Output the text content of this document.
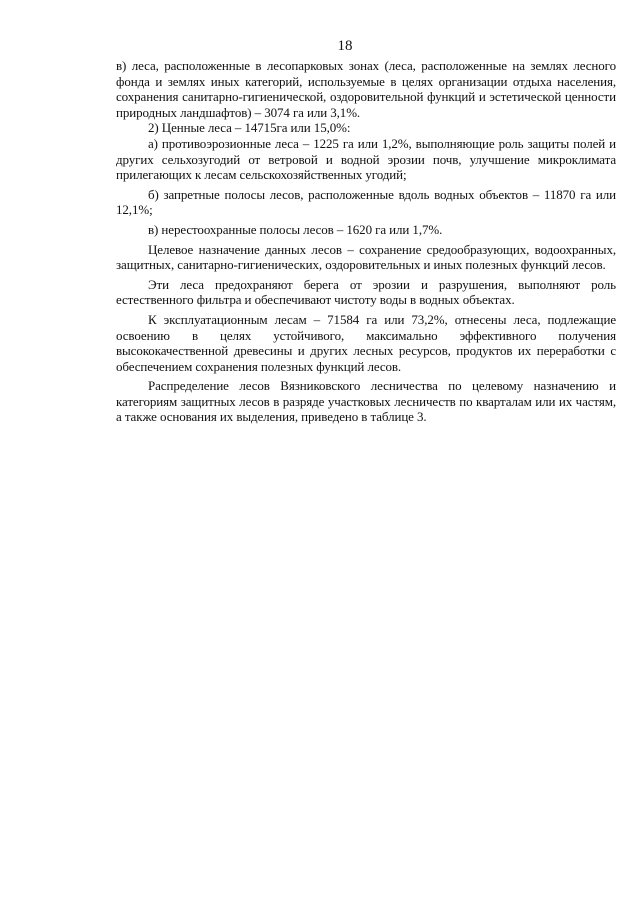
18

в) леса, расположенные в лесопарковых зонах (леса, расположенные на землях лесного фонда и землях иных категорий, используемые в целях организации отдыха населения, сохранения санитарно-гигиенической, оздоровительной функций и эстетической ценности природных ландшафтов) – 3074 га или 3,1%.

2) Ценные леса – 14715га или 15,0%:

а) противоэрозионные леса – 1225 га или 1,2%, выполняющие роль защиты полей и других сельхозугодий от ветровой и водной эрозии почв, улучшение микроклимата прилегающих к лесам сельскохозяйственных угодий;

б) запретные полосы лесов, расположенные вдоль водных объектов – 11870 га или 12,1%;

в) нерестоохранные полосы лесов – 1620 га или 1,7%.

Целевое назначение данных лесов – сохранение средообразующих, водоохранных, защитных, санитарно-гигиенических, оздоровительных и иных полезных функций лесов.

Эти леса предохраняют берега от эрозии и разрушения, выполняют роль естественного фильтра и обеспечивают чистоту воды в водных объектах.

К эксплуатационным лесам – 71584 га или 73,2%, отнесены леса, подлежащие освоению в целях устойчивого, максимально эффективного получения высококачественной древесины и других лесных ресурсов, продуктов их переработки с обеспечением сохранения полезных функций лесов.

Распределение лесов Вязниковского лесничества по целевому назначению и категориям защитных лесов в разряде участковых лесничеств по кварталам или их частям, а также основания их выделения, приведено в таблице 3.
